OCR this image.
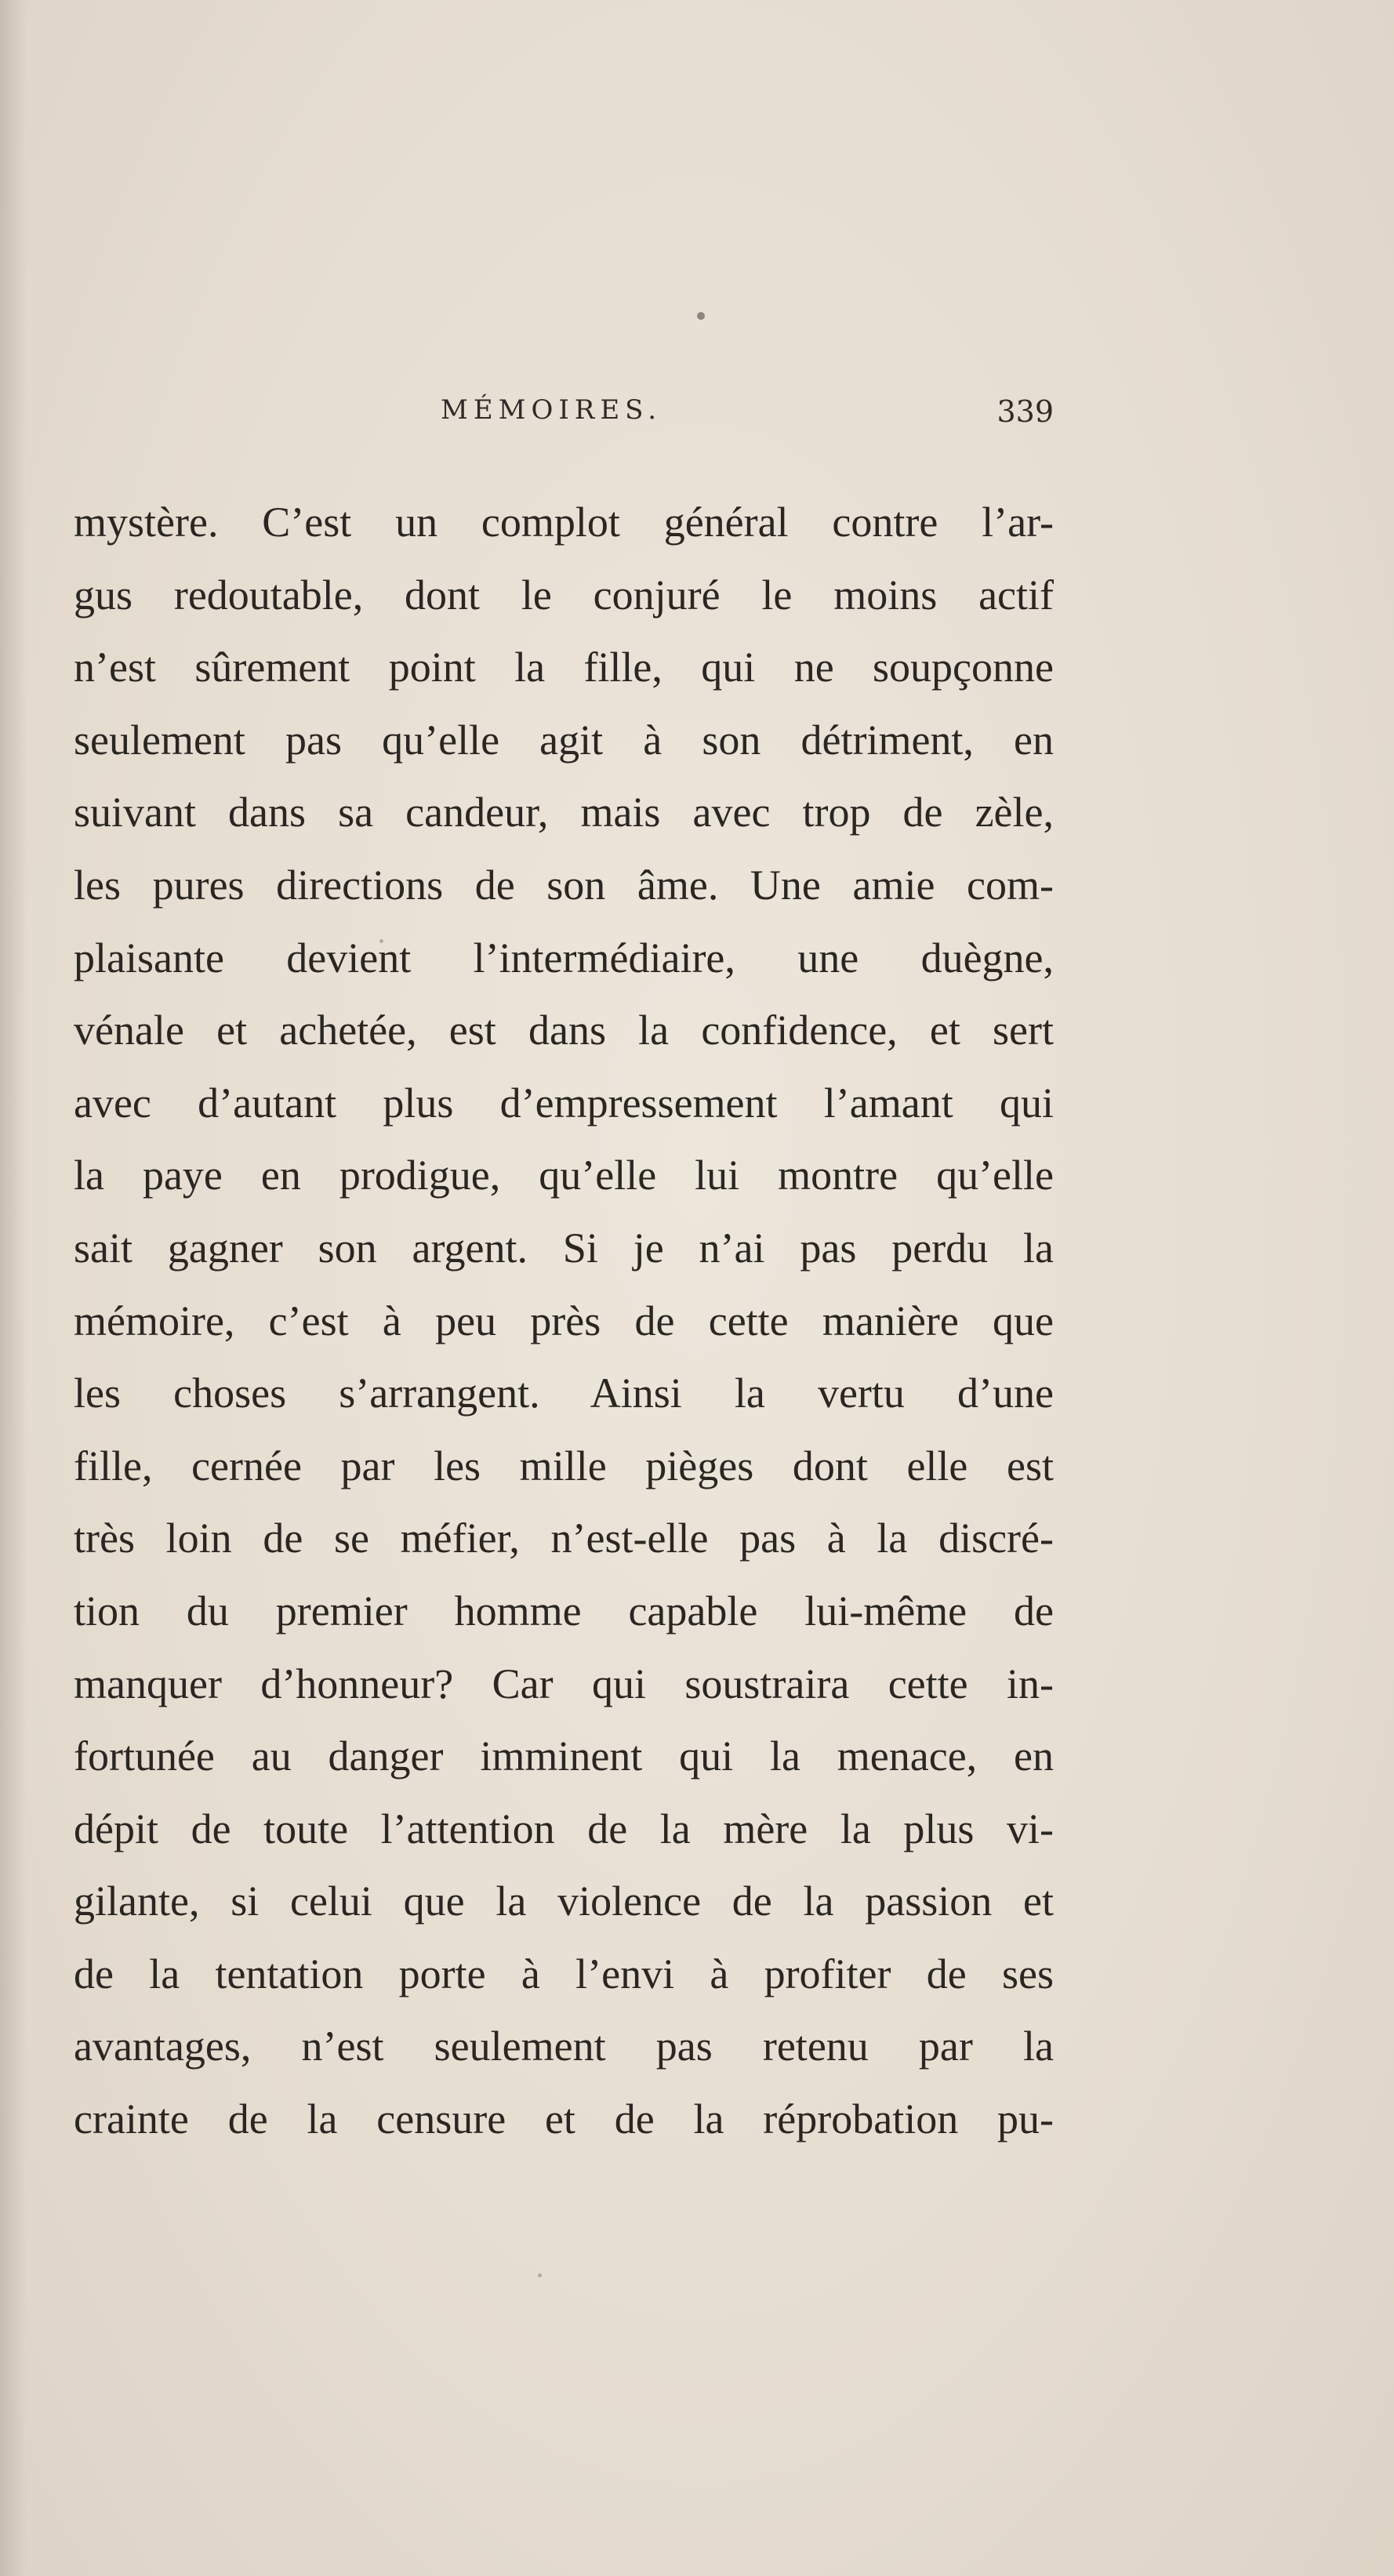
MÉMOIRES.	339
mystère. C’est un complot général contre l’ar-
gus redoutable, dont le conjuré le moins actif
n’est sûrement point la fille, qui ne soupçonne
seulement pas qu’elle agit à son détriment, en
suivant dans sa candeur, mais avec trop de zèle,
les pures directions de son âme. Une amie com-
plaisante devient l’intermédiaire, une duègne,
vénale et achetée, est dans la confidence, et sert
avec d’autant plus d’empressement l’amant qui
la paye en prodigue, qu’elle lui montre qu’elle
sait gagner son argent. Si je n’ai pas perdu la
mémoire, c’est à peu près de cette manière que
les choses s’arrangent. Ainsi la vertu d’une
fille, cernée par les mille pièges dont elle est
très loin de se méfier, n’est-elle pas à la discré-
tion du premier homme capable lui-même de
manquer d’honneur? Car qui soustraira cette in-
fortunée au danger imminent qui la menace, en
dépit de toute l’attention de la mère la plus vi-
gilante, si celui que la violence de la passion et
de la tentation porte à l’envi à profiter de ses
avantages, n’est seulement pas retenu par la
crainte de la censure et de la réprobation pu-
